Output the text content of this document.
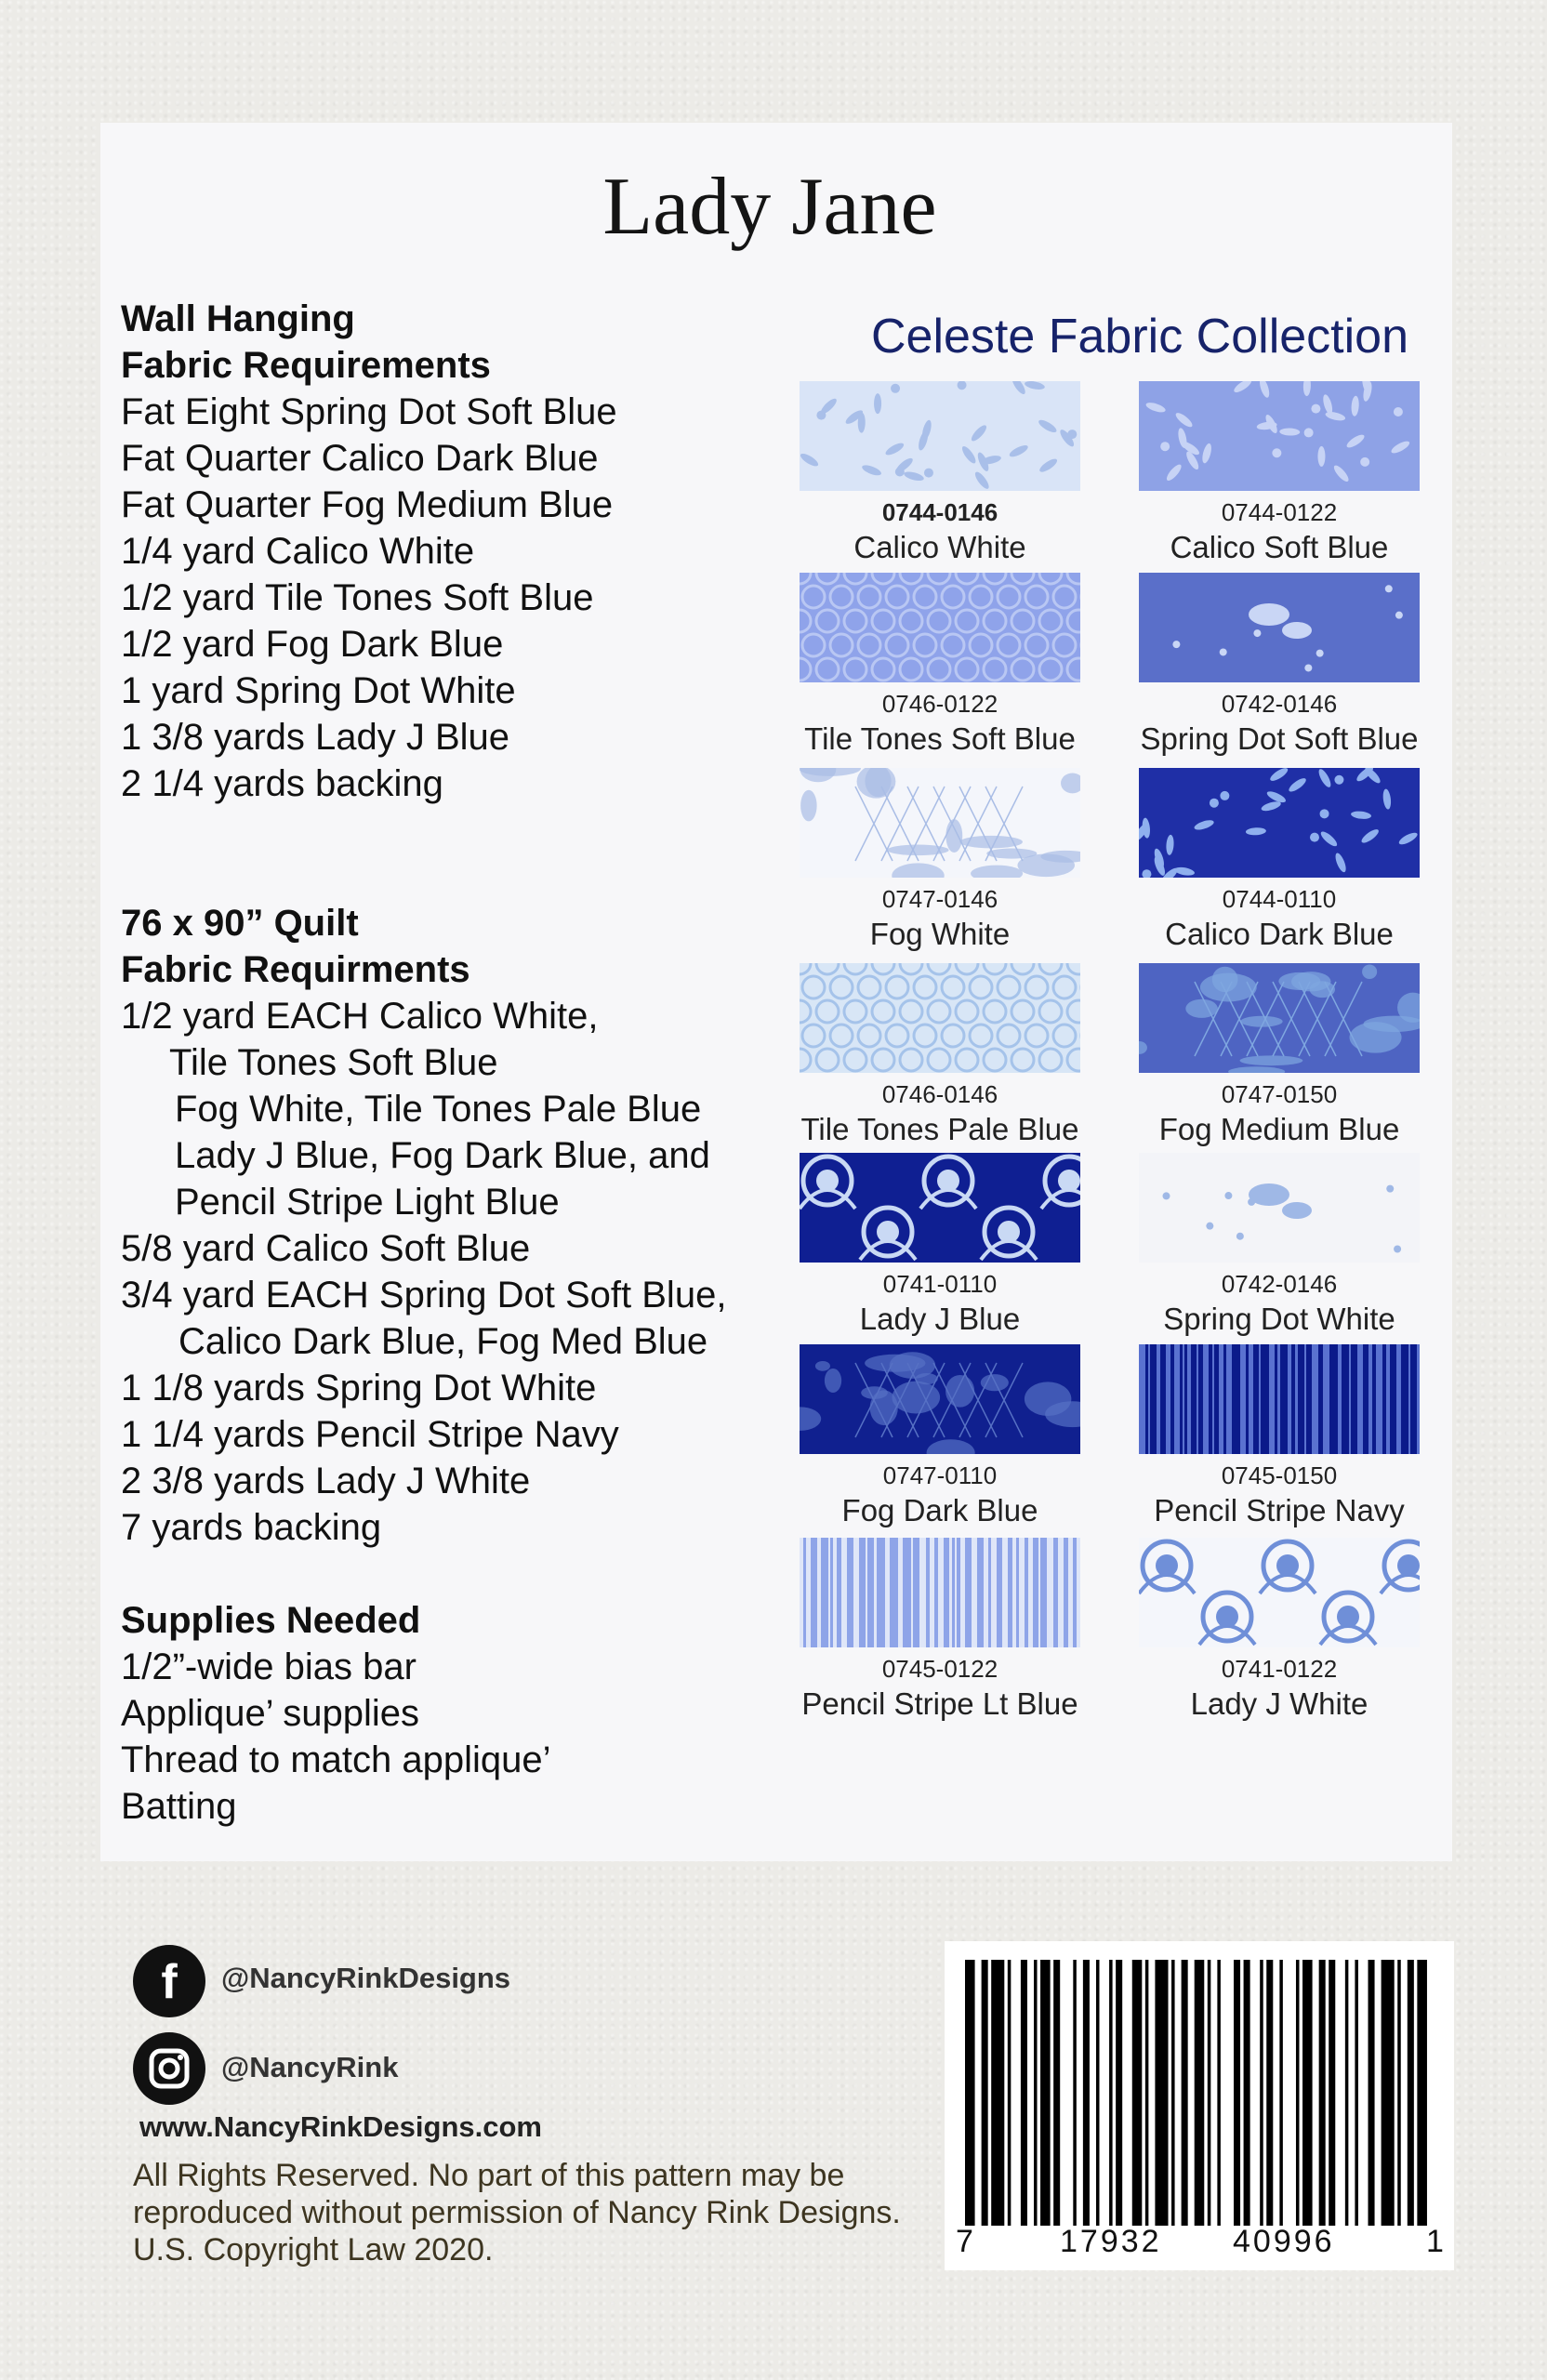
Lady Jane
Wall Hanging
Fabric Requirements
Fat Eight Spring Dot Soft Blue
Fat Quarter Calico Dark Blue
Fat Quarter Fog Medium Blue
1/4 yard Calico White
1/2 yard Tile Tones Soft Blue
1/2 yard Fog Dark Blue
1 yard Spring Dot White
1 3/8 yards Lady J Blue
2 1/4 yards backing
76 x 90” Quilt
Fabric Requirments
1/2 yard EACH Calico White,
Tile Tones Soft Blue
Fog White, Tile Tones Pale Blue
Lady J Blue, Fog Dark Blue, and
Pencil Stripe Light Blue
5/8 yard Calico Soft Blue
3/4 yard EACH Spring Dot Soft Blue,
Calico Dark Blue, Fog Med Blue
1 1/8 yards Spring Dot White
1 1/4 yards Pencil Stripe Navy
2 3/8 yards Lady J White
7 yards backing
Supplies Needed
1/2”-wide bias bar
Applique’ supplies
Thread to match applique’
Batting
Celeste Fabric Collection
0744-0146
Calico White
0744-0122
Calico Soft Blue
0746-0122
Tile Tones Soft Blue
0742-0146
Spring Dot Soft Blue
0747-0146
Fog White
0744-0110
Calico Dark Blue
0746-0146
Tile Tones Pale Blue
0747-0150
Fog Medium Blue
0741-0110
Lady J Blue
0742-0146
Spring Dot White
0747-0110
Fog Dark Blue
0745-0150
Pencil Stripe Navy
0745-0122
Pencil Stripe Lt Blue
0741-0122
Lady J White
f	@NancyRinkDesigns
@NancyRink
www.NancyRinkDesigns.com
All Rights Reserved. No part of this pattern may be reproduced without permission of Nancy Rink Designs. U.S. Copyright Law 2020.	7	17932 40996	1
